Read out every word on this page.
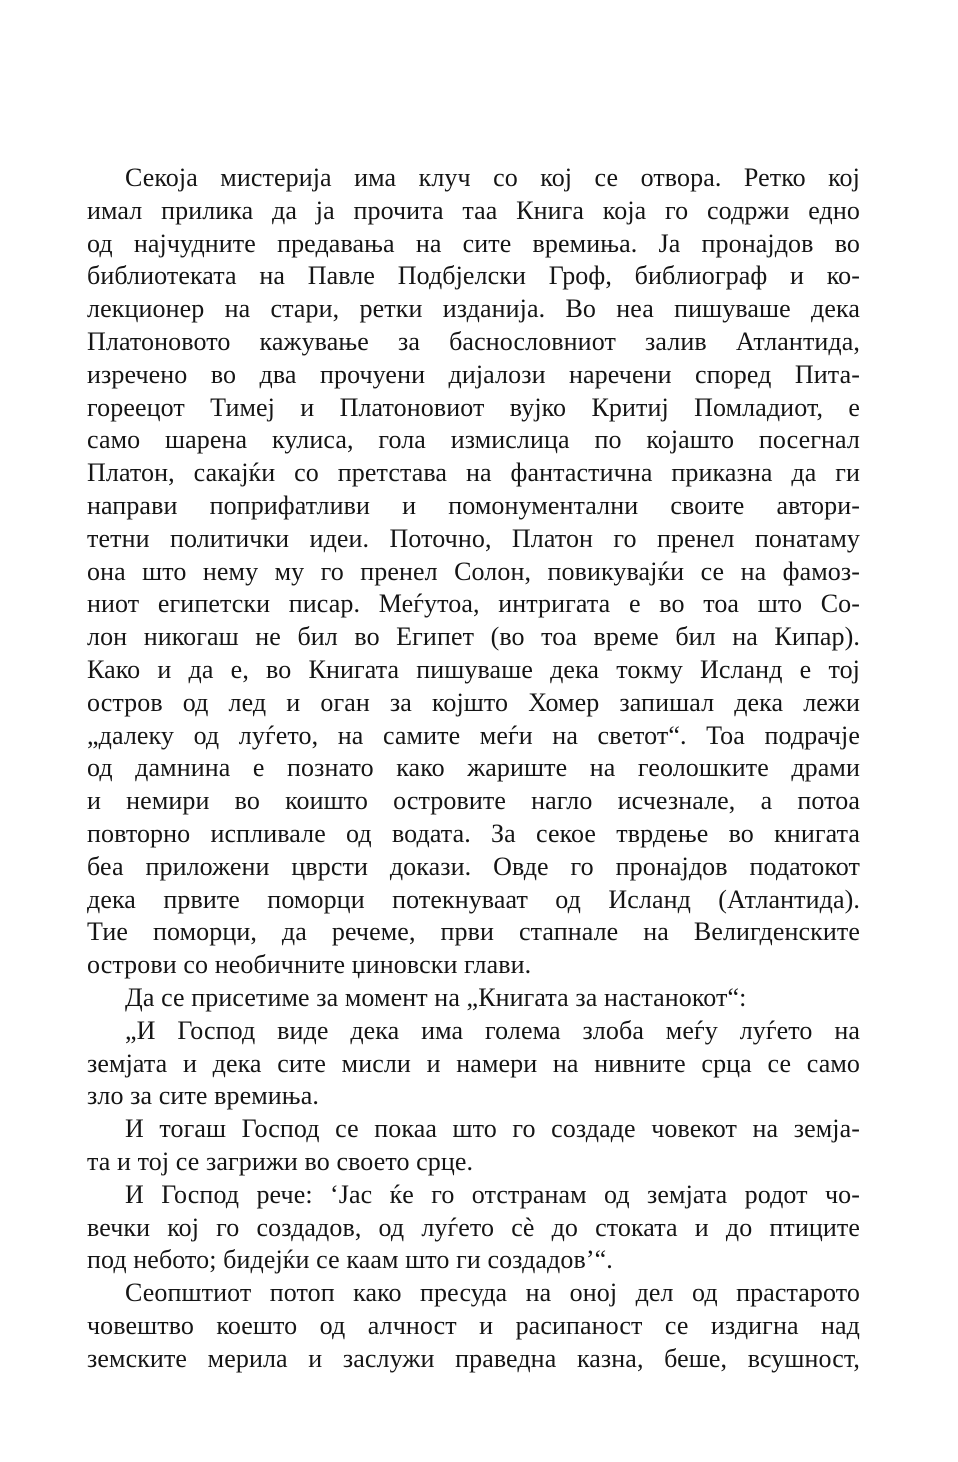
Секоја мистерија има клуч со кој се отвора. Ретко кој
имал прилика да ја прочита таа Книга која го содржи едно
од најчудните предавања на сите времиња. Ја пронајдов во
библиотеката на Павле Подбјелски Гроф, библиограф и ко-
лекционер на стари, ретки изданија. Во неа пишуваше дека
Платоновото кажување за баснословниот залив Атлантида,
изречено во два прочуени дијалози наречени според Пита-
гореецот Тимеј и Платоновиот вујко Критиј Помладиот, е
само шарена кулиса, гола измислица по којашто посегнал
Платон, сакајќи со претстава на фантастична приказна да ги
направи поприфатливи и помонументални своите автори-
тетни политички идеи. Поточно, Платон го пренел понатаму
она што нему му го пренел Солон, повикувајќи се на фамоз-
ниот египетски писар. Меѓутоа, интригата е во тоа што Со-
лон никогаш не бил во Египет (во тоа време бил на Кипар).
Како и да е, во Книгата пишуваше дека токму Исланд е тој
остров од лед и оган за којшто Хомер запишал дека лежи
„далеку од луѓето, на самите меѓи на светот“. Тоа подрачје
од дамнина е познато како жариште на геолошките драми
и немири во коишто островите нагло исчезнале, а потоа
повторно испливале од водата. За секое тврдење во книгата
беа приложени цврсти докази. Овде го пронајдов податокот
дека првите поморци потекнуваат од Исланд (Атлантида).
Тие поморци, да речеме, први стапнале на Велигденските
острови со необичните џиновски глави.
Да се присетиме за момент на „Книгата за настанокот“:
„И Господ виде дека има голема злоба меѓу луѓето на
земјата и дека сите мисли и намери на нивните срца се само
зло за сите времиња.
И тогаш Господ се покаа што го создаде човекот на земја-
та и тој се загрижи во своето срце.
И Господ рече: ‘Јас ќе го отстранам од земјата родот чо-
вечки кој го создадов, од луѓето сѐ до стоката и до птиците
под небото; бидејќи се каам што ги создадов’“.
Сеопштиот потоп како пресуда на оној дел од прастарото
човештво коешто од алчност и расипаност се издигна над
земските мерила и заслужи праведна казна, беше, всушност,
